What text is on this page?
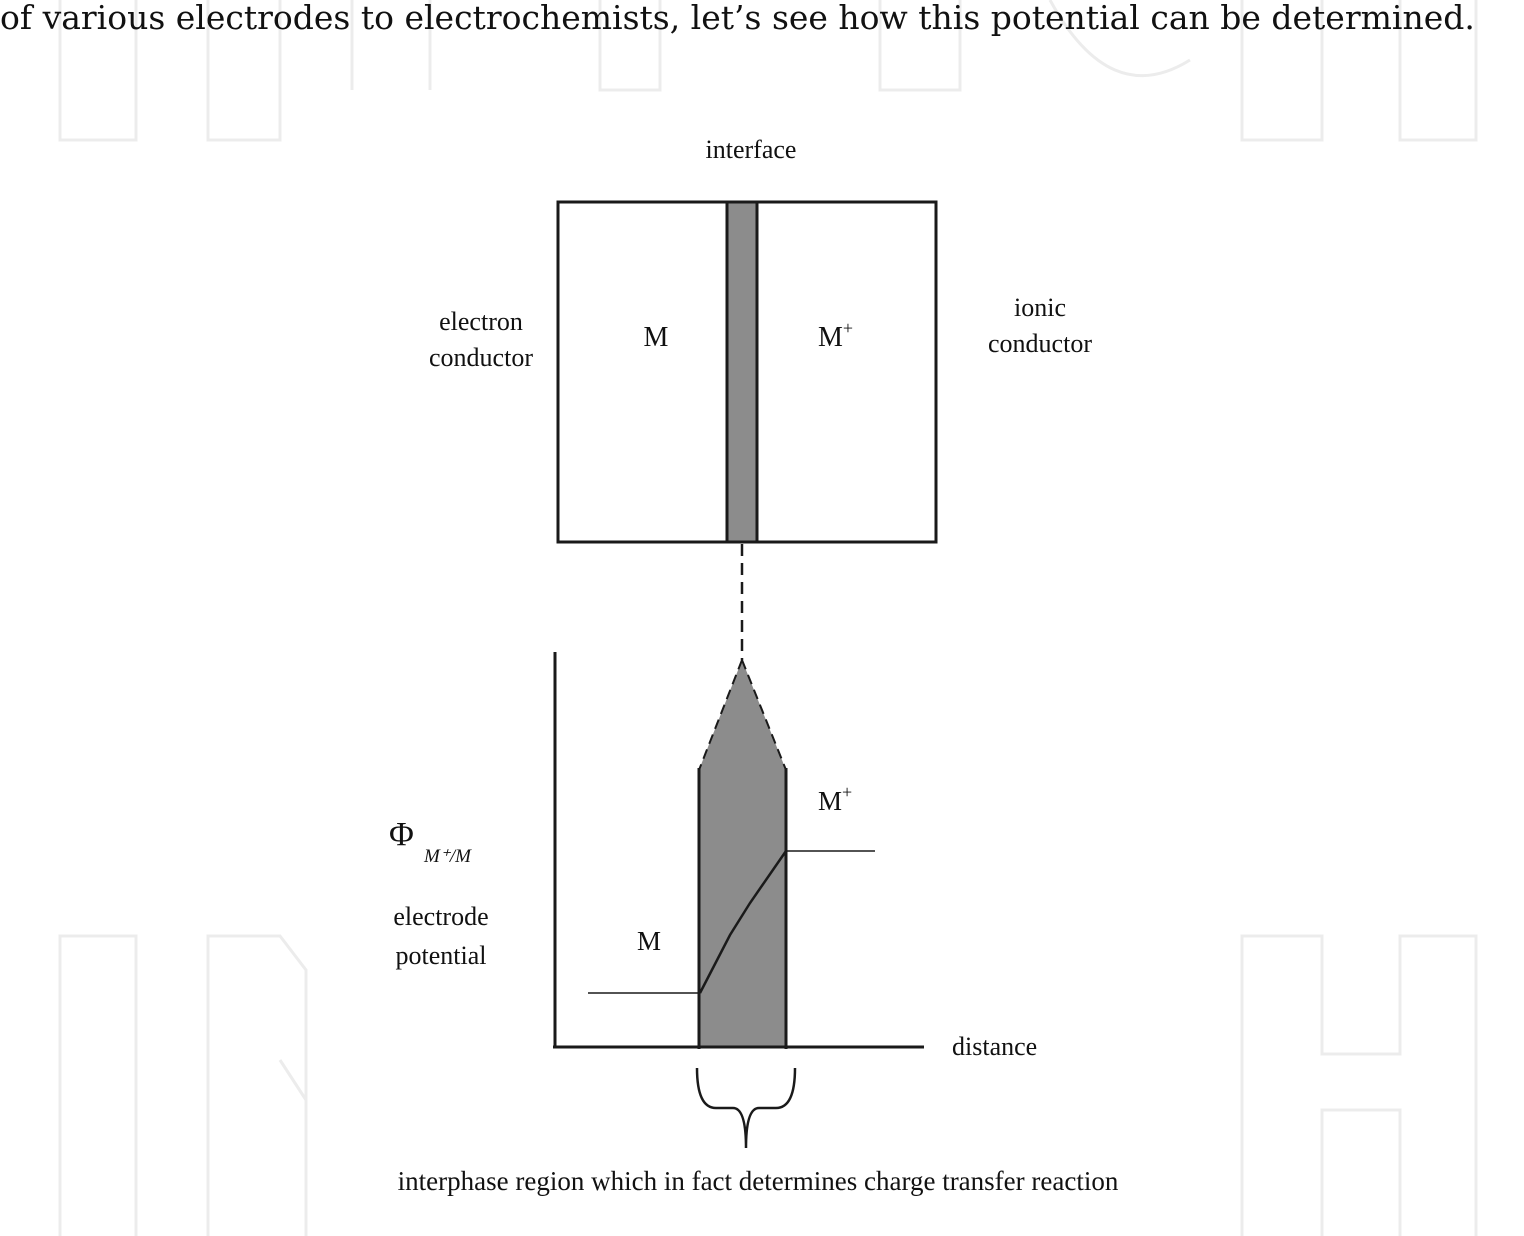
of various electrodes to electrochemists, let’s see how this potential can be determined.

interface
electron
conductor
ionic
conductor
M	M+
Φ
M⁺/M
electrode
potential	M
M+
distance
interphase region which in fact determines charge transfer reaction
